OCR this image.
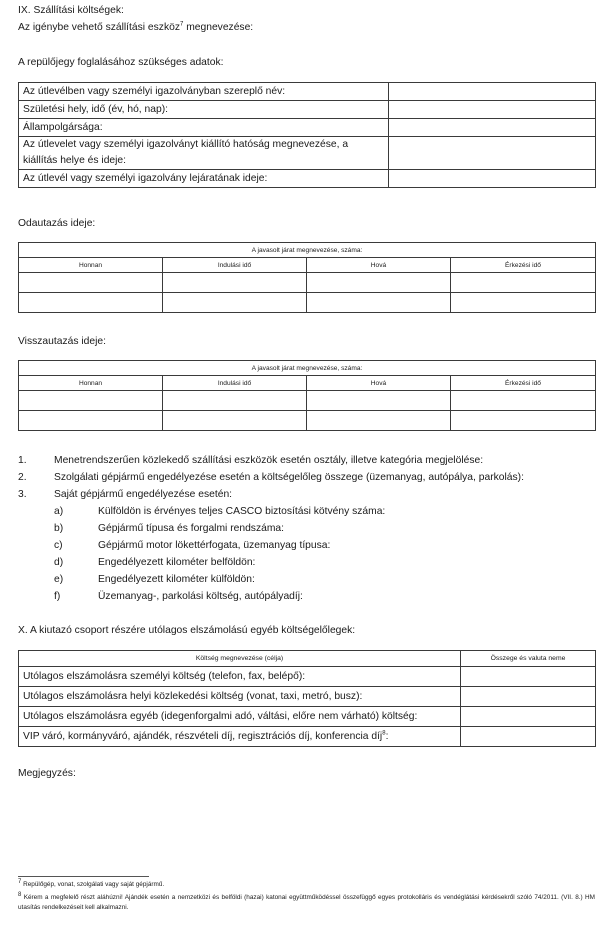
IX. Szállítási költségek:
Az igénybe vehető szállítási eszköz$^7$ megnevezése:
A repülőjegy foglalásához szükséges adatok:
Az útlevélben vagy személyi igazolványban szereplő név:	
Születési hely, idő (év, hó, nap):	
Állampolgársága:	
Az útlevelet vagy személyi igazolványt kiállító hatóság megnevezése, a kiállítás helye és ideje:	
Az útlevél vagy személyi igazolvány lejáratának ideje:	
Odautazás ideje:
A javasolt járat megnevezése, száma:			
Honnan	Indulási idő	Hová	Érkezési idő

Visszautazás ideje:
A javasolt járat megnevezése, száma:			
Honnan	Indulási idő	Hová	Érkezési idő

1.	Menetrendszerűen közlekedő szállítási eszközök esetén osztály, illetve kategória megjelölése:
2.	Szolgálati gépjármű engedélyezése esetén a költségelőleg összege (üzemanyag, autópálya, parkolás):
3.	Saját gépjármű engedélyezése esetén:
a)	Külföldön is érvényes teljes CASCO biztosítási kötvény száma:
b)	Gépjármű típusa és forgalmi rendszáma:
c)	Gépjármű motor lökettérfogata, üzemanyag típusa:
d)	Engedélyezett kilométer belföldön:
e)	Engedélyezett kilométer külföldön:
f)	Üzemanyag-, parkolási költség, autópályadíj:
X. A kiutazó csoport részére utólagos elszámolású egyéb költségelőlegek:
Költség megnevezése (célja)	Összege és valuta neme
Utólagos elszámolásra személyi költség (telefon, fax, belépő):	
Utólagos elszámolásra helyi közlekedési költség (vonat, taxi, metró, busz):	
Utólagos elszámolásra egyéb (idegenforgalmi adó, váltási, előre nem várható) költség:	
VIP váró, kormányváró, ajándék, részvételi díj, regisztrációs díj, konferencia díj$^8$:	
Megjegyzés:
7 Repülőgép, vonat, szolgálati vagy saját gépjármű.
8 Kérem a megfelelő részt aláhúzni! Ajándék esetén a nemzetközi és belföldi (hazai) katonai együttműködéssel összefüggő egyes protokolláris és vendéglátási kérdésekről szóló 74/2011. (VII. 8.) HM utasítás rendelkezéseit kell alkalmazni.
